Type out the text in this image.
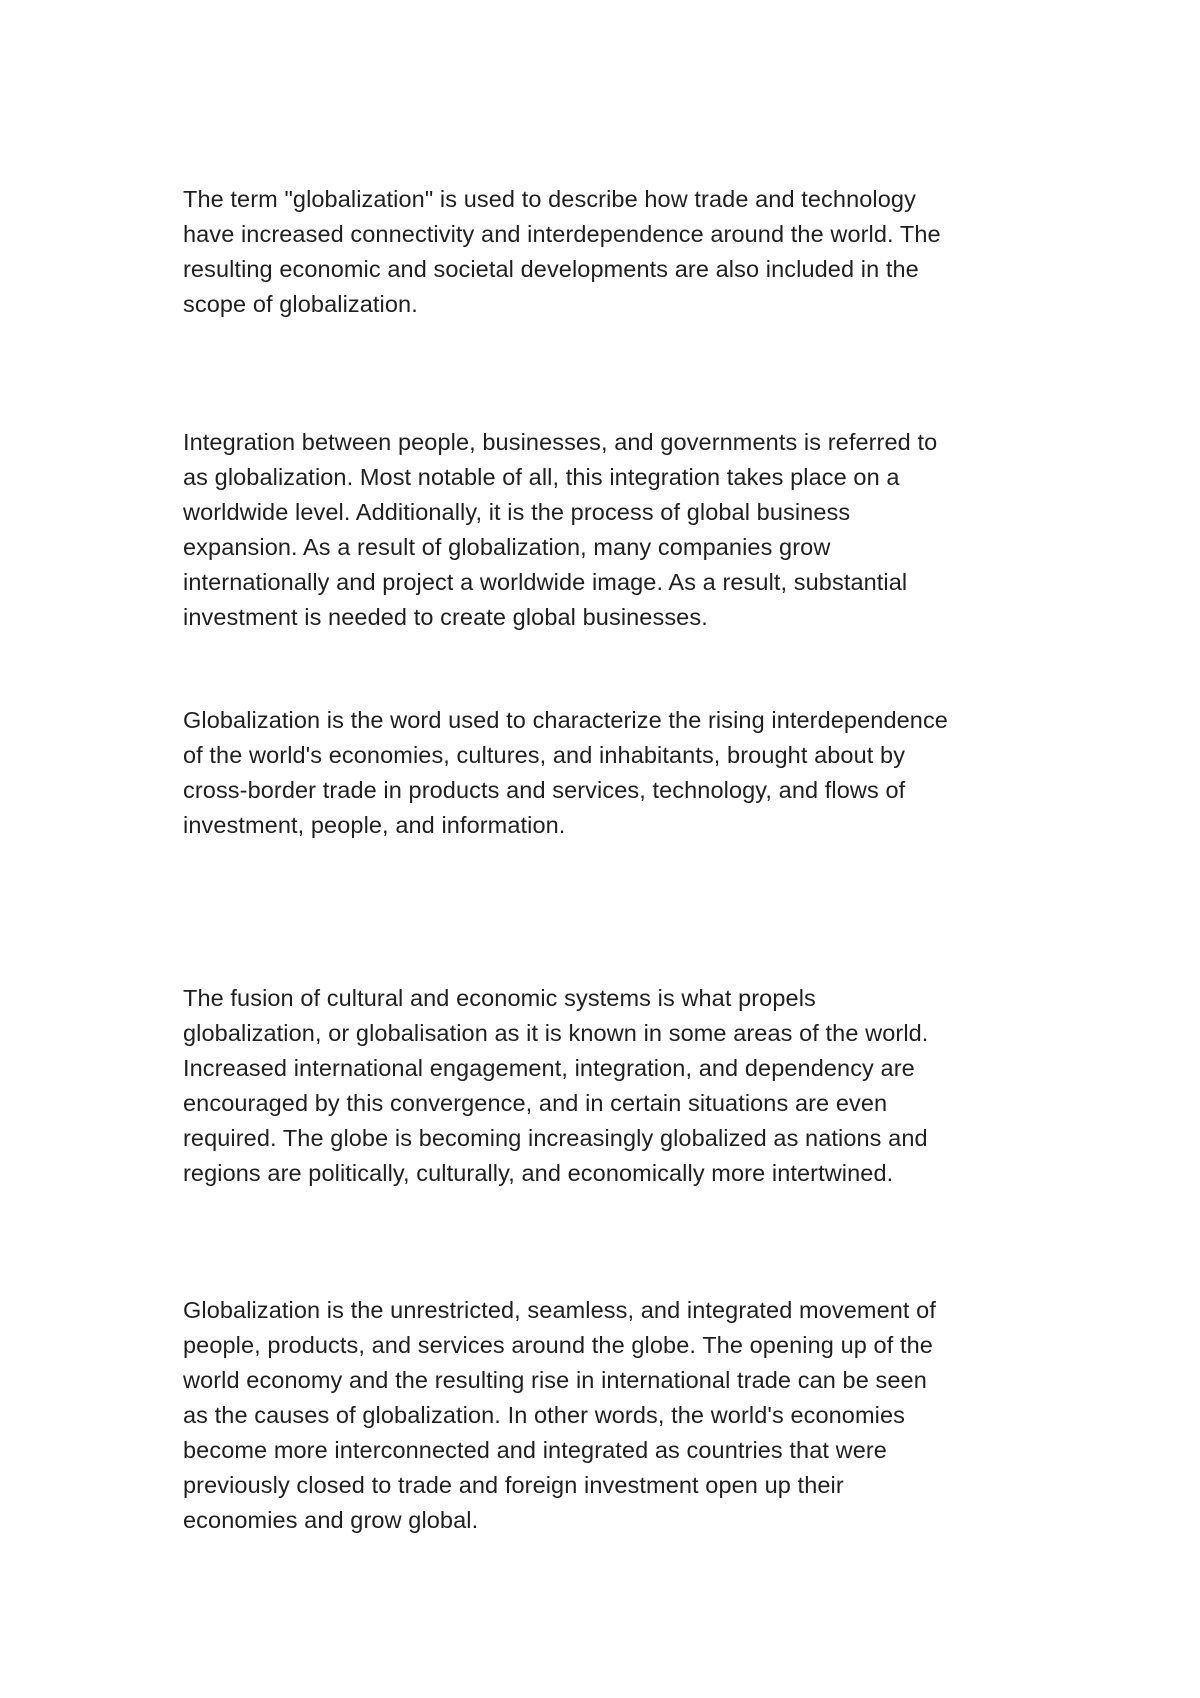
The term "globalization" is used to describe how trade and technology
have increased connectivity and interdependence around the world. The
resulting economic and societal developments are also included in the
scope of globalization.

Integration between people, businesses, and governments is referred to
as globalization. Most notable of all, this integration takes place on a
worldwide level. Additionally, it is the process of global business
expansion. As a result of globalization, many companies grow
internationally and project a worldwide image. As a result, substantial
investment is needed to create global businesses.

Globalization is the word used to characterize the rising interdependence
of the world's economies, cultures, and inhabitants, brought about by
cross-border trade in products and services, technology, and flows of
investment, people, and information.

The fusion of cultural and economic systems is what propels
globalization, or globalisation as it is known in some areas of the world.
Increased international engagement, integration, and dependency are
encouraged by this convergence, and in certain situations are even
required. The globe is becoming increasingly globalized as nations and
regions are politically, culturally, and economically more intertwined.

Globalization is the unrestricted, seamless, and integrated movement of
people, products, and services around the globe. The opening up of the
world economy and the resulting rise in international trade can be seen
as the causes of globalization. In other words, the world's economies
become more interconnected and integrated as countries that were
previously closed to trade and foreign investment open up their
economies and grow global.
